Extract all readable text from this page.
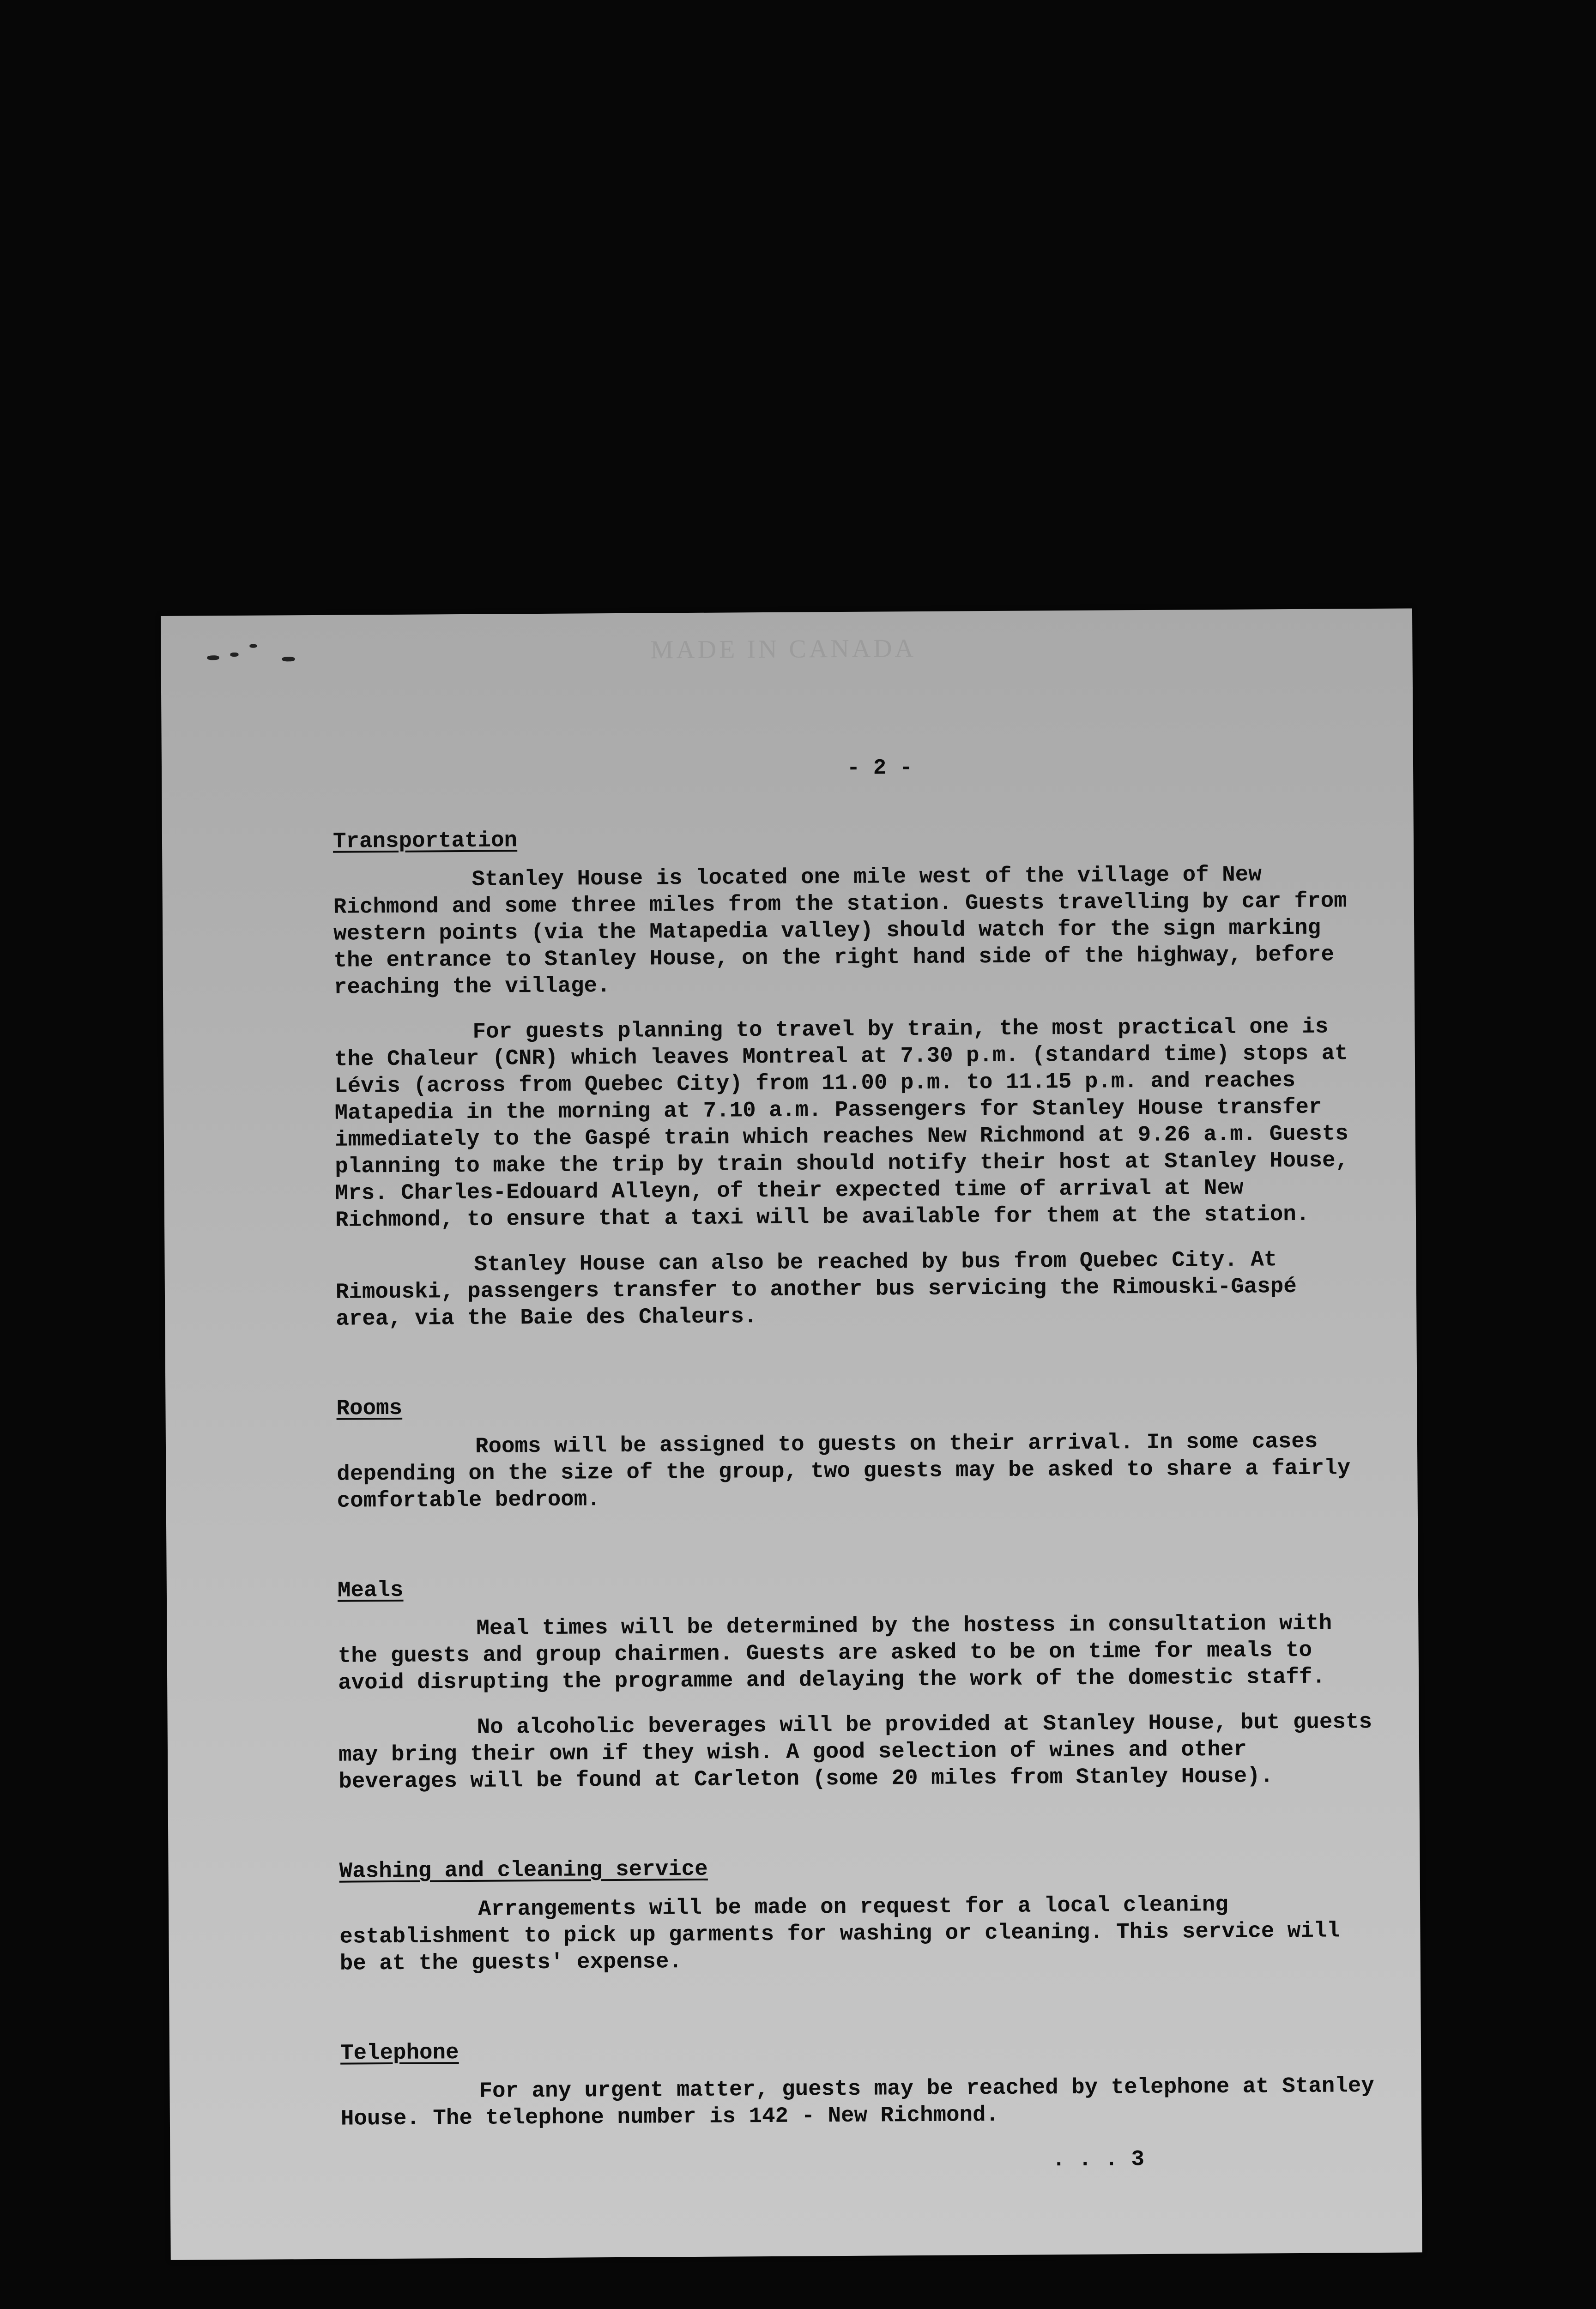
MADE IN CANADA
- 2 -
Transportation

Stanley House is located one mile west of the village of New Richmond and some three miles from the station. Guests travelling by car from western points (via the Matapedia valley) should watch for the sign marking the entrance to Stanley House, on the right hand side of the highway, before reaching the village.

For guests planning to travel by train, the most practical one is the Chaleur (CNR) which leaves Montreal at 7.30 p.m. (standard time) stops at Lévis (across from Quebec City) from 11.00 p.m. to 11.15 p.m. and reaches Matapedia in the morning at 7.10 a.m. Passengers for Stanley House transfer immediately to the Gaspé train which reaches New Richmond at 9.26 a.m. Guests planning to make the trip by train should notify their host at Stanley House, Mrs. Charles-Edouard Alleyn, of their expected time of arrival at New Richmond, to ensure that a taxi will be available for them at the station.

Stanley House can also be reached by bus from Quebec City. At Rimouski, passengers transfer to another bus servicing the Rimouski-Gaspé area, via the Baie des Chaleurs.

Rooms

Rooms will be assigned to guests on their arrival. In some cases depending on the size of the group, two guests may be asked to share a fairly comfortable bedroom.

Meals

Meal times will be determined by the hostess in consultation with the guests and group chairmen. Guests are asked to be on time for meals to avoid disrupting the programme and delaying the work of the domestic staff.

No alcoholic beverages will be provided at Stanley House, but guests may bring their own if they wish. A good selection of wines and other beverages will be found at Carleton (some 20 miles from Stanley House).

Washing and cleaning service

Arrangements will be made on request for a local cleaning establishment to pick up garments for washing or cleaning. This service will be at the guests' expense.

Telephone

For any urgent matter, guests may be reached by telephone at Stanley House. The telephone number is 142 - New Richmond.

. . . 3
